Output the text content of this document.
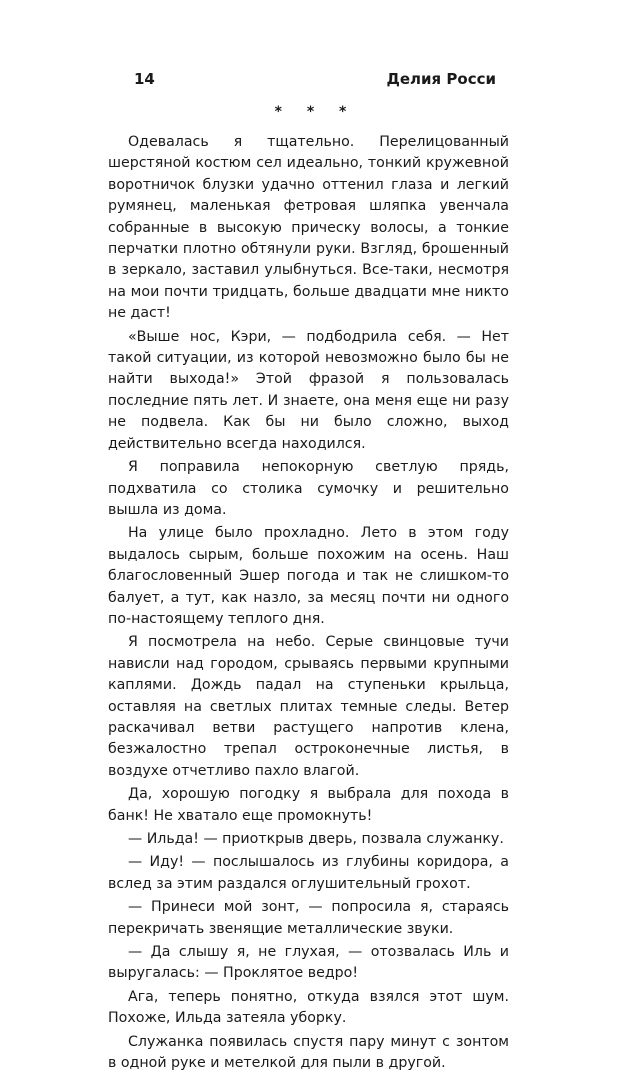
14	Делия Росси
* * *

Одевалась я тщательно. Перелицованный шерстяной костюм сел идеально, тонкий кружевной воротничок блузки удачно оттенил глаза и легкий румянец, маленькая фетровая шляпка увенчала собранные в высокую прическу волосы, а тонкие перчатки плотно обтянули руки. Взгляд, брошенный в зеркало, заставил улыбнуться. Все-таки, несмотря на мои почти тридцать, больше двадцати мне никто не даст!

«Выше нос, Кэри, — подбодрила себя. — Нет такой ситуации, из которой невозможно было бы не найти выхода!» Этой фразой я пользовалась последние пять лет. И знаете, она меня еще ни разу не подвела. Как бы ни было сложно, выход действительно всегда находился.

Я поправила непокорную светлую прядь, подхватила со столика сумочку и решительно вышла из дома.

На улице было прохладно. Лето в этом году выдалось сырым, больше похожим на осень. Наш благословенный Эшер погода и так не слишком-то балует, а тут, как назло, за месяц почти ни одного по-настоящему теплого дня.

Я посмотрела на небо. Серые свинцовые тучи нависли над городом, срываясь первыми крупными каплями. Дождь падал на ступеньки крыльца, оставляя на светлых плитах темные следы. Ветер раскачивал ветви растущего напротив клена, безжалостно трепал остроконечные листья, в воздухе отчетливо пахло влагой.

Да, хорошую погодку я выбрала для похода в банк! Не хватало еще промокнуть!

— Ильда! — приоткрыв дверь, позвала служанку.

— Иду! — послышалось из глубины коридора, а вслед за этим раздался оглушительный грохот.

— Принеси мой зонт, — попросила я, стараясь перекричать звенящие металлические звуки.

— Да слышу я, не глухая, — отозвалась Иль и выругалась: — Проклятое ведро!

Ага, теперь понятно, откуда взялся этот шум. Похоже, Ильда затеяла уборку.

Служанка появилась спустя пару минут с зонтом в одной руке и метелкой для пыли в другой.
